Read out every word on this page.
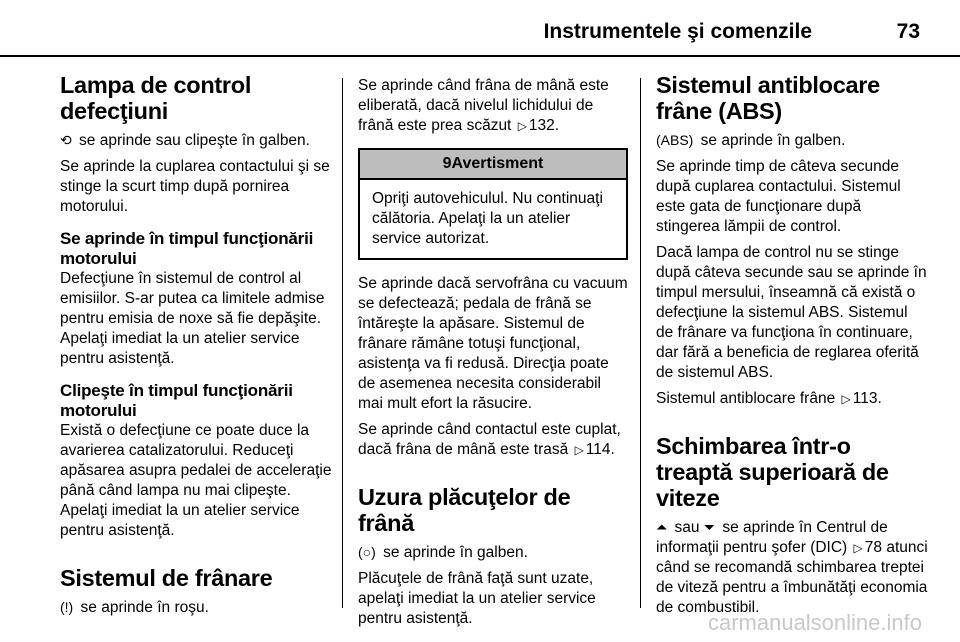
Instrumentele şi comenzile	73
Lampa de control defecţiuni

⟲ se aprinde sau clipeşte în galben.

Se aprinde la cuplarea contactului şi se stinge la scurt timp după pornirea motorului.

Se aprinde în timpul funcţionării motorului

Defecţiune în sistemul de control al emisiilor. S-ar putea ca limitele admise pentru emisia de noxe să fie depăşite. Apelaţi imediat la un atelier service pentru asistenţă.

Clipeşte în timpul funcţionării motorului

Există o defecţiune ce poate duce la avarierea catalizatorului. Reduceţi apăsarea asupra pedalei de acceleraţie până când lampa nu mai clipeşte. Apelaţi imediat la un atelier service pentru asistenţă.

Sistemul de frânare

(!) se aprinde în roşu.

Se aprinde când frâna de mână este eliberată, dacă nivelul lichidului de frână este prea scăzut ▷ 132.

9Avertisment
Opriţi autovehiculul. Nu continuaţi călătoria. Apelaţi la un atelier service autorizat.

Se aprinde dacă servofrâna cu vacuum se defectează; pedala de frână se întăreşte la apăsare. Sistemul de frânare rămâne totuşi funcţional, asistenţa va fi redusă. Direcţia poate de asemenea necesita considerabil mai mult efort la răsucire.

Se aprinde când contactul este cuplat, dacă frâna de mână este trasă ▷ 114.

Uzura plăcuţelor de frână

(○) se aprinde în galben.

Plăcuţele de frână faţă sunt uzate, apelaţi imediat la un atelier service pentru asistenţă.

Sistemul antiblocare frâne (ABS)

(ABS) se aprinde în galben.

Se aprinde timp de câteva secunde după cuplarea contactului. Sistemul este gata de funcţionare după stingerea lămpii de control.

Dacă lampa de control nu se stinge după câteva secunde sau se aprinde în timpul mersului, înseamnă că există o defecţiune la sistemul ABS. Sistemul de frânare va funcţiona în continuare, dar fără a beneficia de reglarea oferită de sistemul ABS.

Sistemul antiblocare frâne ▷ 113.

Schimbarea într-o treaptă superioară de viteze

⏶ sau ⏷ se aprinde în Centrul de informaţii pentru şofer (DIC) ▷ 78 atunci când se recomandă schimbarea treptei de viteză pentru a îmbunătăţi economia de combustibil.

carmanualsonline.info
